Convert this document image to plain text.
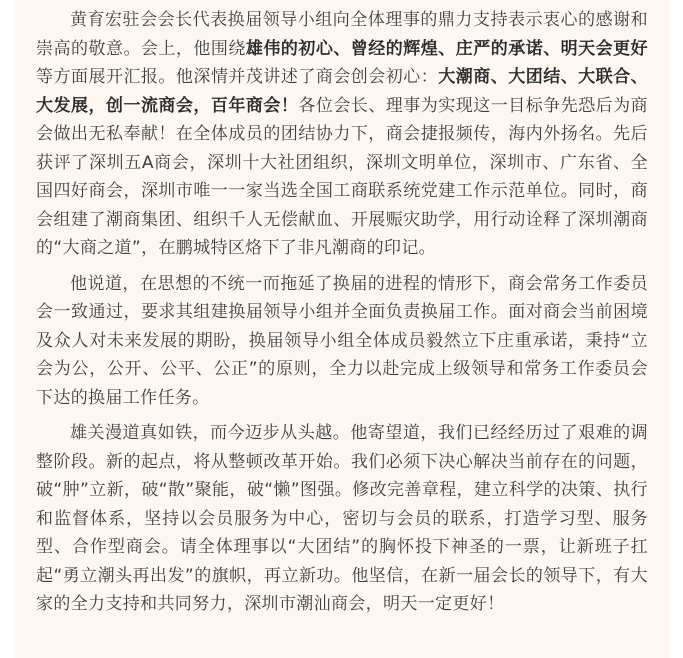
黄育宏驻会会长代表换届领导小组向全体理事的鼎力支持表示衷心的感谢和崇高的敬意。会上，他围绕雄伟的初心、曾经的辉煌、庄严的承诺、明天会更好等方面展开汇报。他深情并茂讲述了商会创会初心：大潮商、大团结、大联合、大发展，创一流商会，百年商会！各位会长、理事为实现这一目标争先恐后为商会做出无私奉献！在全体成员的团结协力下，商会捷报频传，海内外扬名。先后获评了深圳五A商会，深圳十大社团组织，深圳文明单位，深圳市、广东省、全国四好商会，深圳市唯一一家当选全国工商联系统党建工作示范单位。同时，商会组建了潮商集团、组织千人无偿献血、开展赈灾助学，用行动诠释了深圳潮商的“大商之道”，在鹏城特区烙下了非凡潮商的印记。

他说道，在思想的不统一而拖延了换届的进程的情形下，商会常务工作委员会一致通过，要求其组建换届领导小组并全面负责换届工作。面对商会当前困境及众人对未来发展的期盼，换届领导小组全体成员毅然立下庄重承诺，秉持“立会为公，公开、公平、公正”的原则，全力以赴完成上级领导和常务工作委员会下达的换届工作任务。

雄关漫道真如铁，而今迈步从头越。他寄望道，我们已经经历过了艰难的调整阶段。新的起点，将从整顿改革开始。我们必须下决心解决当前存在的问题，破“肿”立新，破“散”聚能，破“懒”图强。修改完善章程，建立科学的决策、执行和监督体系，坚持以会员服务为中心，密切与会员的联系，打造学习型、服务型、合作型商会。请全体理事以“大团结”的胸怀投下神圣的一票，让新班子扛起“勇立潮头再出发”的旗帜，再立新功。他坚信，在新一届会长的领导下，有大家的全力支持和共同努力，深圳市潮汕商会，明天一定更好！
